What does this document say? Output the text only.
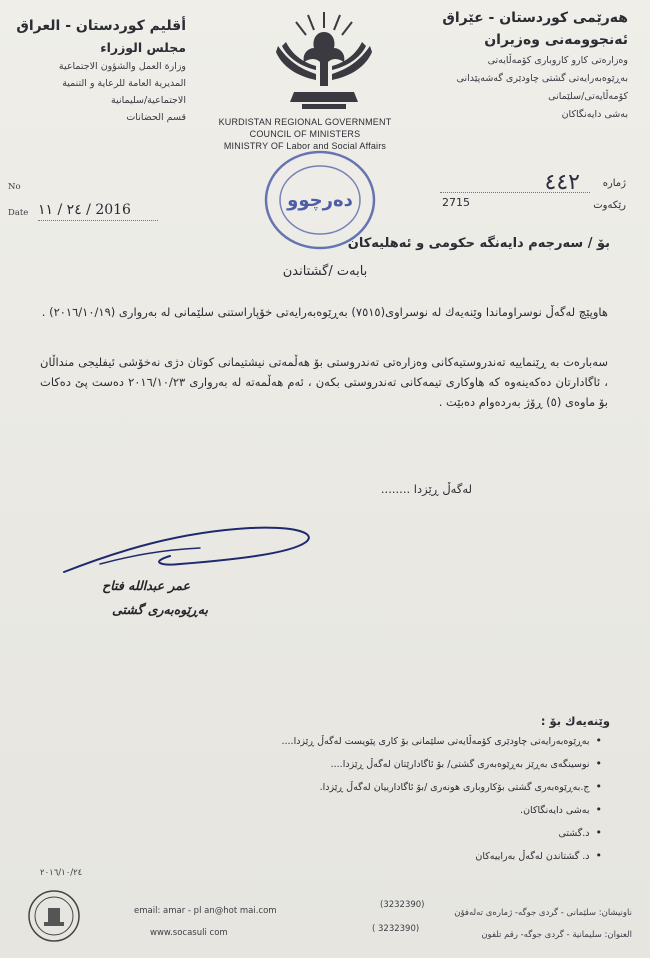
هەرێمی کوردستان - عێراق
ئەنجوومەنی وەزیران
وەزارەتی کارو کاروباری کۆمەڵایەتی
بەڕێوەبەرایەتی گشتی چاودێری گەشەپێدانی
کۆمەڵایەتی/سلێمانی
بەشی دایەنگاکان
أقليم كوردستان - العراق
مجلس الوزراء
وزارة العمل والشؤون الاجتماعية
المديرية العامة للرعاية و التنمية
الاجتماعية/سليمانية
قسم الحضانات	KURDISTAN REGIONAL GOVERNMENT
COUNCIL OF MINISTERS
MINISTRY OF Labor and Social Affairs
دەرچوو
No
Date ٢٤ / ١١ / 2016
ژمارە
٤٤٢
رێکەوت
2715
بۆ / سەرجەم دایەنگە حکومی و ئەهلیەکان
بابەت /گشتاندن
هاوپێچ لەگەڵ نوسراوماندا وێنەیەك لە نوسراوی(٧٥١٥) بەڕێوەبەرایەتی خۆپاراستنی سلێمانی لە بەرواری (٢٠١٦/١٠/١٩) .
سەبارەت بە ڕێنماییە تەندروستیەکانی وەزارەتی تەندروستی بۆ هەڵمەتی نیشتیمانی کوتان دژی نەخۆشی ئیفلیجی منداڵان ، ئاگادارتان دەکەینەوە کە هاوکاری تیمەکانی تەندروستی بکەن ، ئەم هەڵمەتە لە بەرواری ٢٠١٦/١٠/٢٣ دەست پێ دەکات بۆ ماوەی (٥) ڕۆژ بەردەوام دەبێت .
لەگەڵ ڕێزدا ........
عمر عبدالله فتاح
بەڕێوەبەری گشتی
وێنەیەك بۆ :
• بەڕێوەبەرایەتی چاودێری کۆمەڵایەتی سلێمانی بۆ کاری پێویست لەگەڵ ڕێزدا....
• نوسینگەی بەڕێز بەڕێوەبەری گشتی/ بۆ ئاگادارێتان لەگەڵ ڕێزدا....
• ج.بەڕێوەبەری گشتی بۆکاروباری هونەری /بۆ ئاگادارییان لەگەڵ ڕێزدا.
• بەشی دایەنگاکان.
• د.گشتی
• د. گشتاندن لەگەڵ بەراییەکان
٢٠١٦/١٠/٢٤
email: amar - pl an@hot mai.com
www.socasuli com
(3232390)
( 3232390)
ناونیشان: سلێمانی - گردی جوگە- ژمارەی تەلەفۆن
العنوان: سليمانية - گردى جوگە- رقم تلفون
